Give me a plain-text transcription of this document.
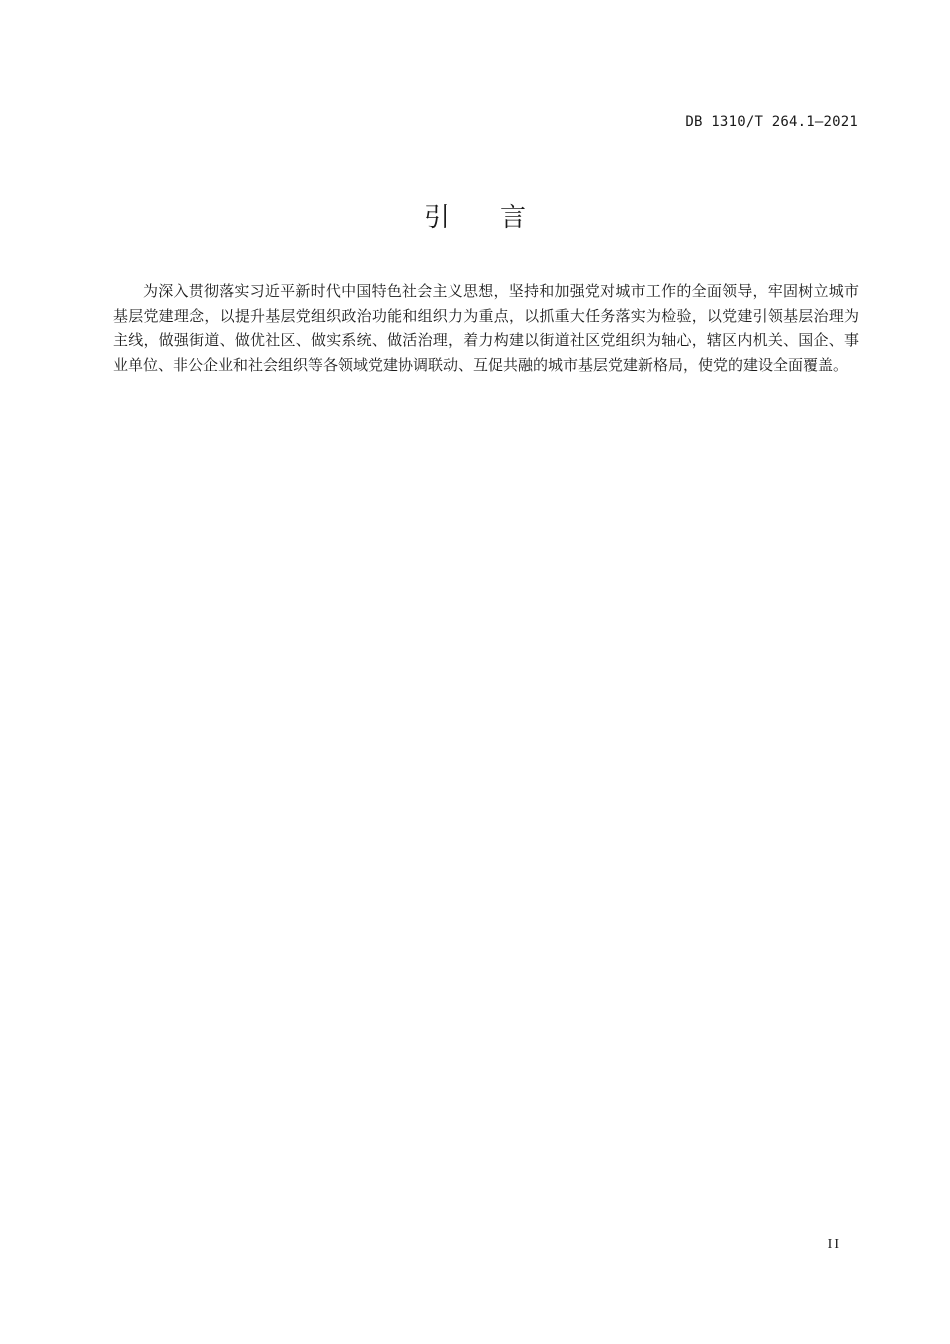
DB 1310/T 264.1—2021
引 言

为深入贯彻落实习近平新时代中国特色社会主义思想，坚持和加强党对城市工作的全面领导，牢固树立城市基层党建理念，以提升基层党组织政治功能和组织力为重点，以抓重大任务落实为检验，以党建引领基层治理为主线，做强街道、做优社区、做实系统、做活治理，着力构建以街道社区党组织为轴心，辖区内机关、国企、事业单位、非公企业和社会组织等各领域党建协调联动、互促共融的城市基层党建新格局，使党的建设全面覆盖。

II
